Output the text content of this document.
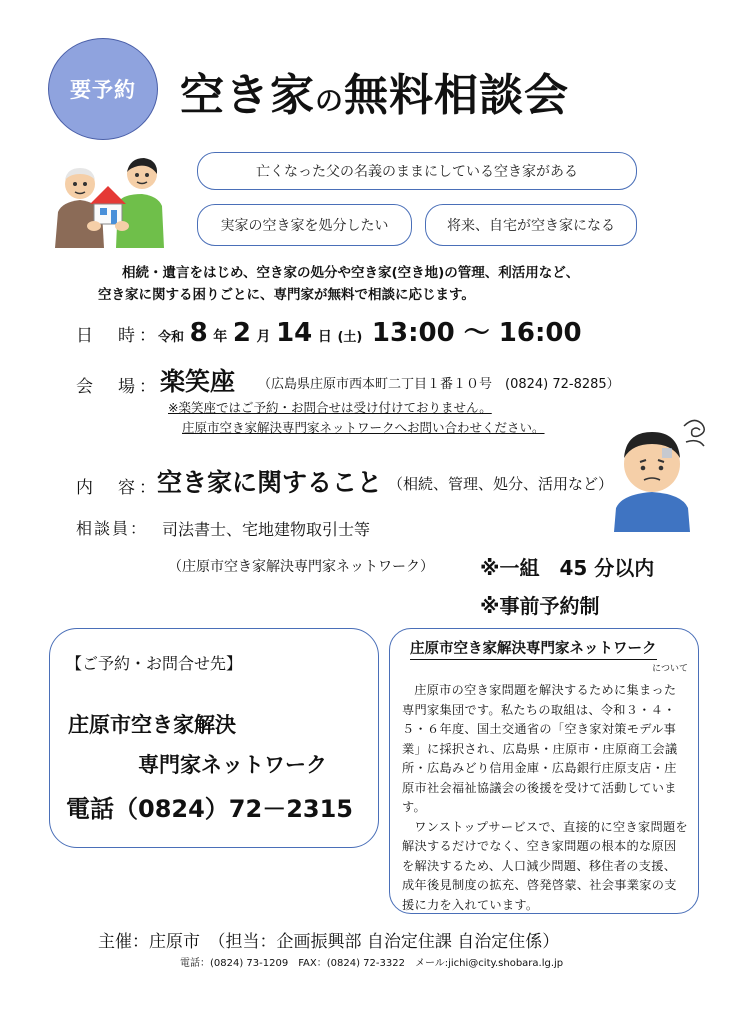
要予約	空き家の無料相談会
亡くなった父の名義のままにしている空き家がある
実家の空き家を処分したい	将来、自宅が空き家になる
相続・遺言をはじめ、空き家の処分や空き家(空き地)の管理、利活用など、
空き家に関する困りごとに、専門家が無料で相談に応じます。
日　時：
令和 8 年 2 月 14 日 (土) 13:00 ～ 16:00
会　場： 楽笑座 （広島県庄原市西本町二丁目１番１０号　(0824) 72-8285）
※楽笑座ではご予約・お問合せは受け付けておりません。
庄原市空き家解決専門家ネットワークへお問い合わせください。
内　容：
空き家に関すること （相続、管理、処分、活用など）
相談員： 司法書士、宅地建物取引士等
（庄原市空き家解決専門家ネットワーク） ※一組　45 分以内
※事前予約制
【ご予約・お問合せ先】
庄原市空き家解決
専門家ネットワーク
電話（0824）72－2315
庄原市空き家解決専門家ネットワーク
について

庄原市の空き家問題を解決するために集まった専門家集団です。私たちの取組は、令和３・４・５・６年度、国土交通省の「空き家対策モデル事業」に採択され、広島県・庄原市・庄原商工会議所・広島みどり信用金庫・広島銀行庄原支店・庄原市社会福祉協議会の後援を受けて活動しています。

ワンストップサービスで、直接的に空き家問題を解決するだけでなく、空き家問題の根本的な原因を解決するため、人口減少問題、移住者の支援、成年後見制度の拡充、啓発啓蒙、社会事業家の支援に力を入れています。

主催：庄原市　（担当：企画振興部 自治定住課 自治定住係）
電話：(0824) 73-1209　FAX：(0824) 72-3322　メール:jichi@city.shobara.lg.jp
